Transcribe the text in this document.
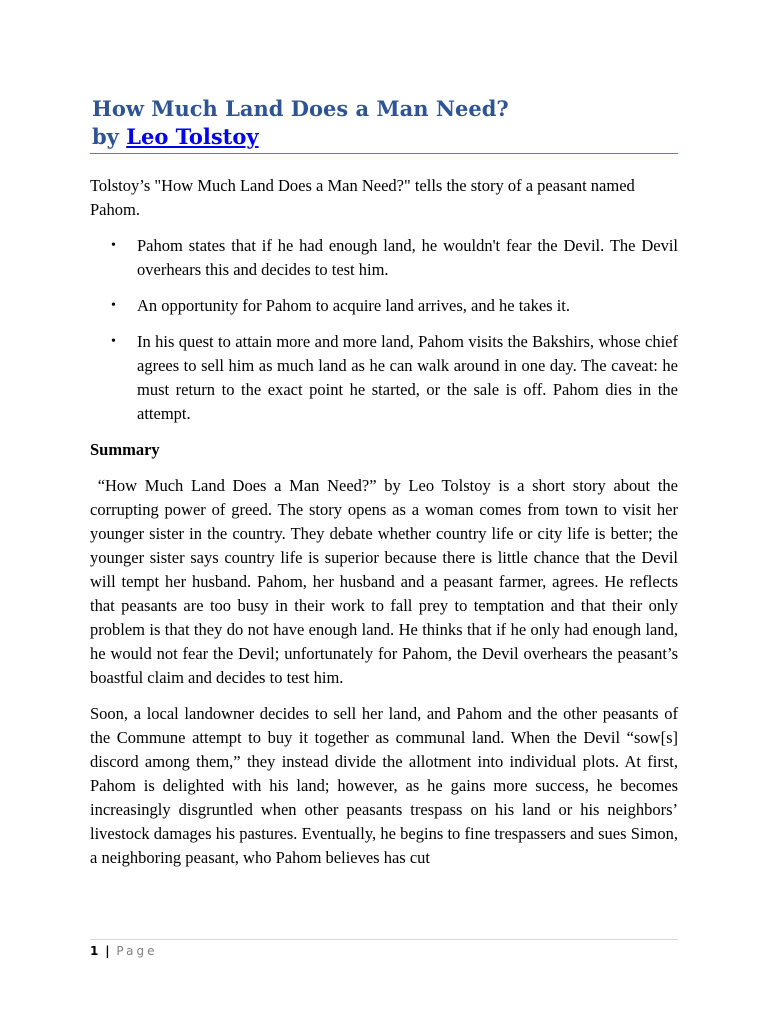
How Much Land Does a Man Need?

by Leo Tolstoy

Tolstoy’s "How Much Land Does a Man Need?" tells the story of a peasant named Pahom.

• Pahom states that if he had enough land, he wouldn't fear the Devil. The Devil overhears this and decides to test him.
• An opportunity for Pahom to acquire land arrives, and he takes it.
• In his quest to attain more and more land, Pahom visits the Bakshirs, whose chief agrees to sell him as much land as he can walk around in one day. The caveat: he must return to the exact point he started, or the sale is off. Pahom dies in the attempt.

Summary

“How Much Land Does a Man Need?” by Leo Tolstoy is a short story about the corrupting power of greed. The story opens as a woman comes from town to visit her younger sister in the country. They debate whether country life or city life is better; the younger sister says country life is superior because there is little chance that the Devil will tempt her husband. Pahom, her husband and a peasant farmer, agrees. He reflects that peasants are too busy in their work to fall prey to temptation and that their only problem is that they do not have enough land. He thinks that if he only had enough land, he would not fear the Devil; unfortunately for Pahom, the Devil overhears the peasant’s boastful claim and decides to test him.

Soon, a local landowner decides to sell her land, and Pahom and the other peasants of the Commune attempt to buy it together as communal land. When the Devil “sow[s] discord among them,” they instead divide the allotment into individual plots. At first, Pahom is delighted with his land; however, as he gains more success, he becomes increasingly disgruntled when other peasants trespass on his land or his neighbors’ livestock damages his pastures. Eventually, he begins to fine trespassers and sues Simon, a neighboring peasant, who Pahom believes has cut

1 | Page
